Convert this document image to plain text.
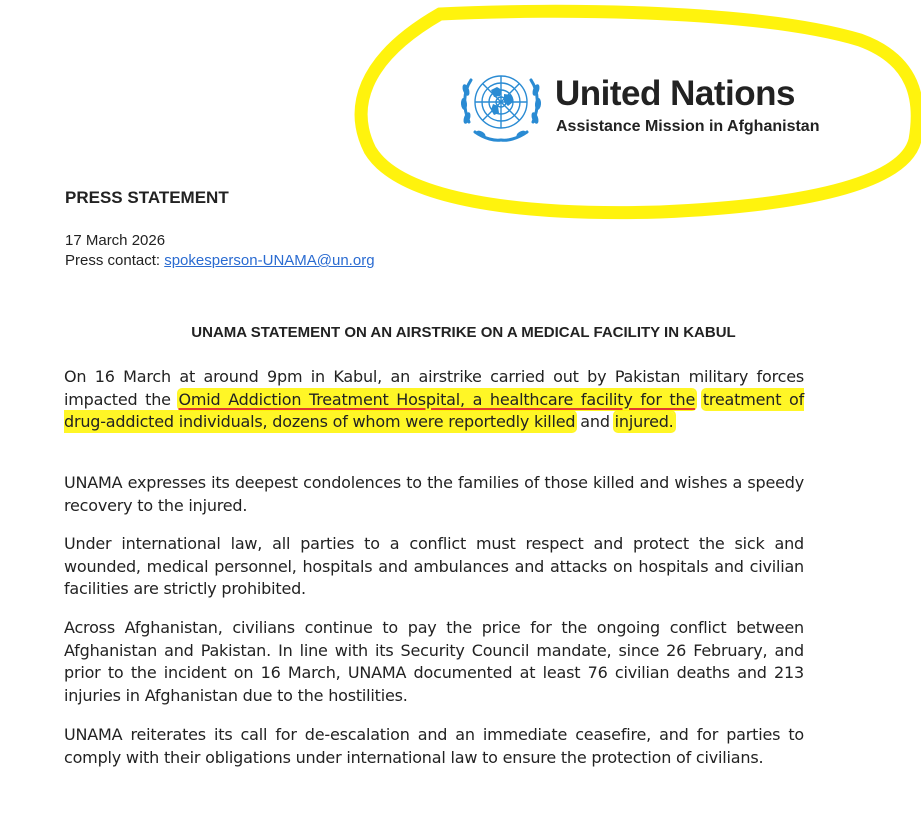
United Nations
Assistance Mission in Afghanistan
PRESS STATEMENT
17 March 2026
Press contact: spokesperson-UNAMA@un.org
UNAMA STATEMENT ON AN AIRSTRIKE ON A MEDICAL FACILITY IN KABUL
On 16 March at around 9pm in Kabul, an airstrike carried out by Pakistan military forces impacted the Omid Addiction Treatment Hospital, a healthcare facility for the treatment of drug-addicted individuals, dozens of whom were reportedly killed and injured.
UNAMA expresses its deepest condolences to the families of those killed and wishes a speedy recovery to the injured.
Under international law, all parties to a conflict must respect and protect the sick and wounded, medical personnel, hospitals and ambulances and attacks on hospitals and civilian facilities are strictly prohibited.
Across Afghanistan, civilians continue to pay the price for the ongoing conflict between Afghanistan and Pakistan. In line with its Security Council mandate, since 26 February, and prior to the incident on 16 March, UNAMA documented at least 76 civilian deaths and 213 injuries in Afghanistan due to the hostilities.
UNAMA reiterates its call for de-escalation and an immediate ceasefire, and for parties to comply with their obligations under international law to ensure the protection of civilians.
